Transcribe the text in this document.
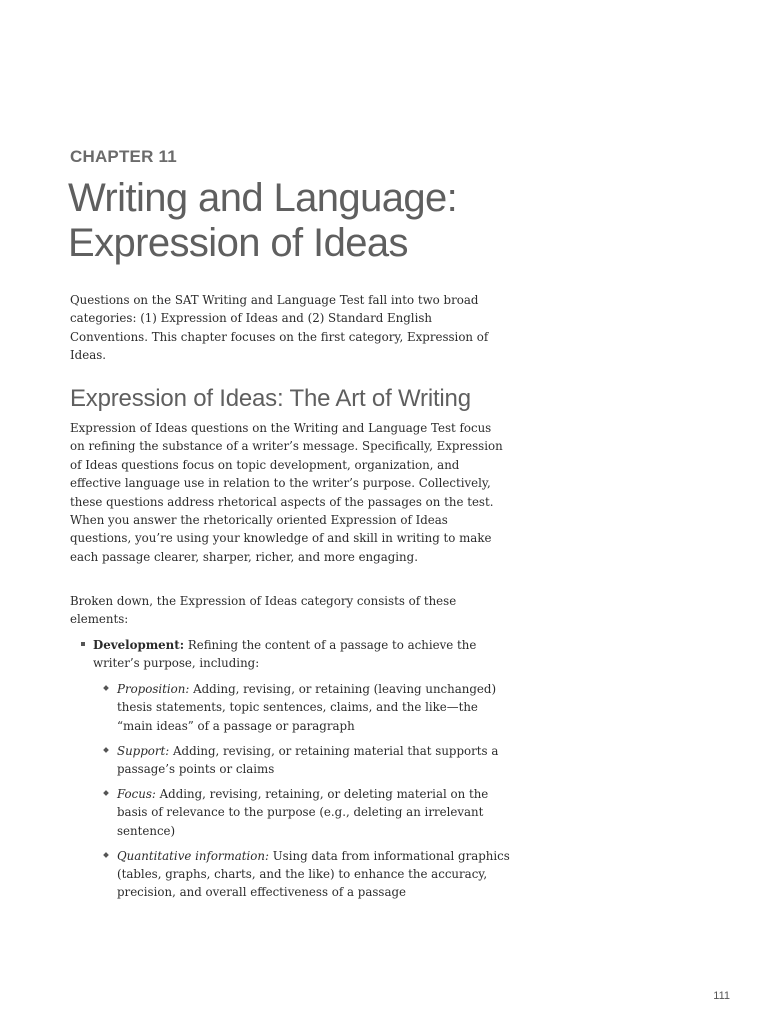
CHAPTER 11
Writing and Language:
Expression of Ideas

Questions on the SAT Writing and Language Test fall into two broad categories: (1) Expression of Ideas and (2) Standard English Conventions. This chapter focuses on the first category, Expression of Ideas.

Expression of Ideas: The Art of Writing

Expression of Ideas questions on the Writing and Language Test focus on refining the substance of a writer’s message. Specifically, Expression of Ideas questions focus on topic development, organization, and effective language use in relation to the writer’s purpose. Collectively, these questions address rhetorical aspects of the passages on the test. When you answer the rhetorically oriented Expression of Ideas questions, you’re using your knowledge of and skill in writing to make each passage clearer, sharper, richer, and more engaging.

Broken down, the Expression of Ideas category consists of these elements:

Development: Refining the content of a passage to achieve the writer’s purpose, including:
Proposition: Adding, revising, or retaining (leaving unchanged) thesis statements, topic sentences, claims, and the like—the “main ideas” of a passage or paragraph
Support: Adding, revising, or retaining material that supports a passage’s points or claims
Focus: Adding, revising, retaining, or deleting material on the basis of relevance to the purpose (e.g., deleting an irrelevant sentence)
Quantitative information: Using data from informational graphics (tables, graphs, charts, and the like) to enhance the accuracy, precision, and overall effectiveness of a passage
111
